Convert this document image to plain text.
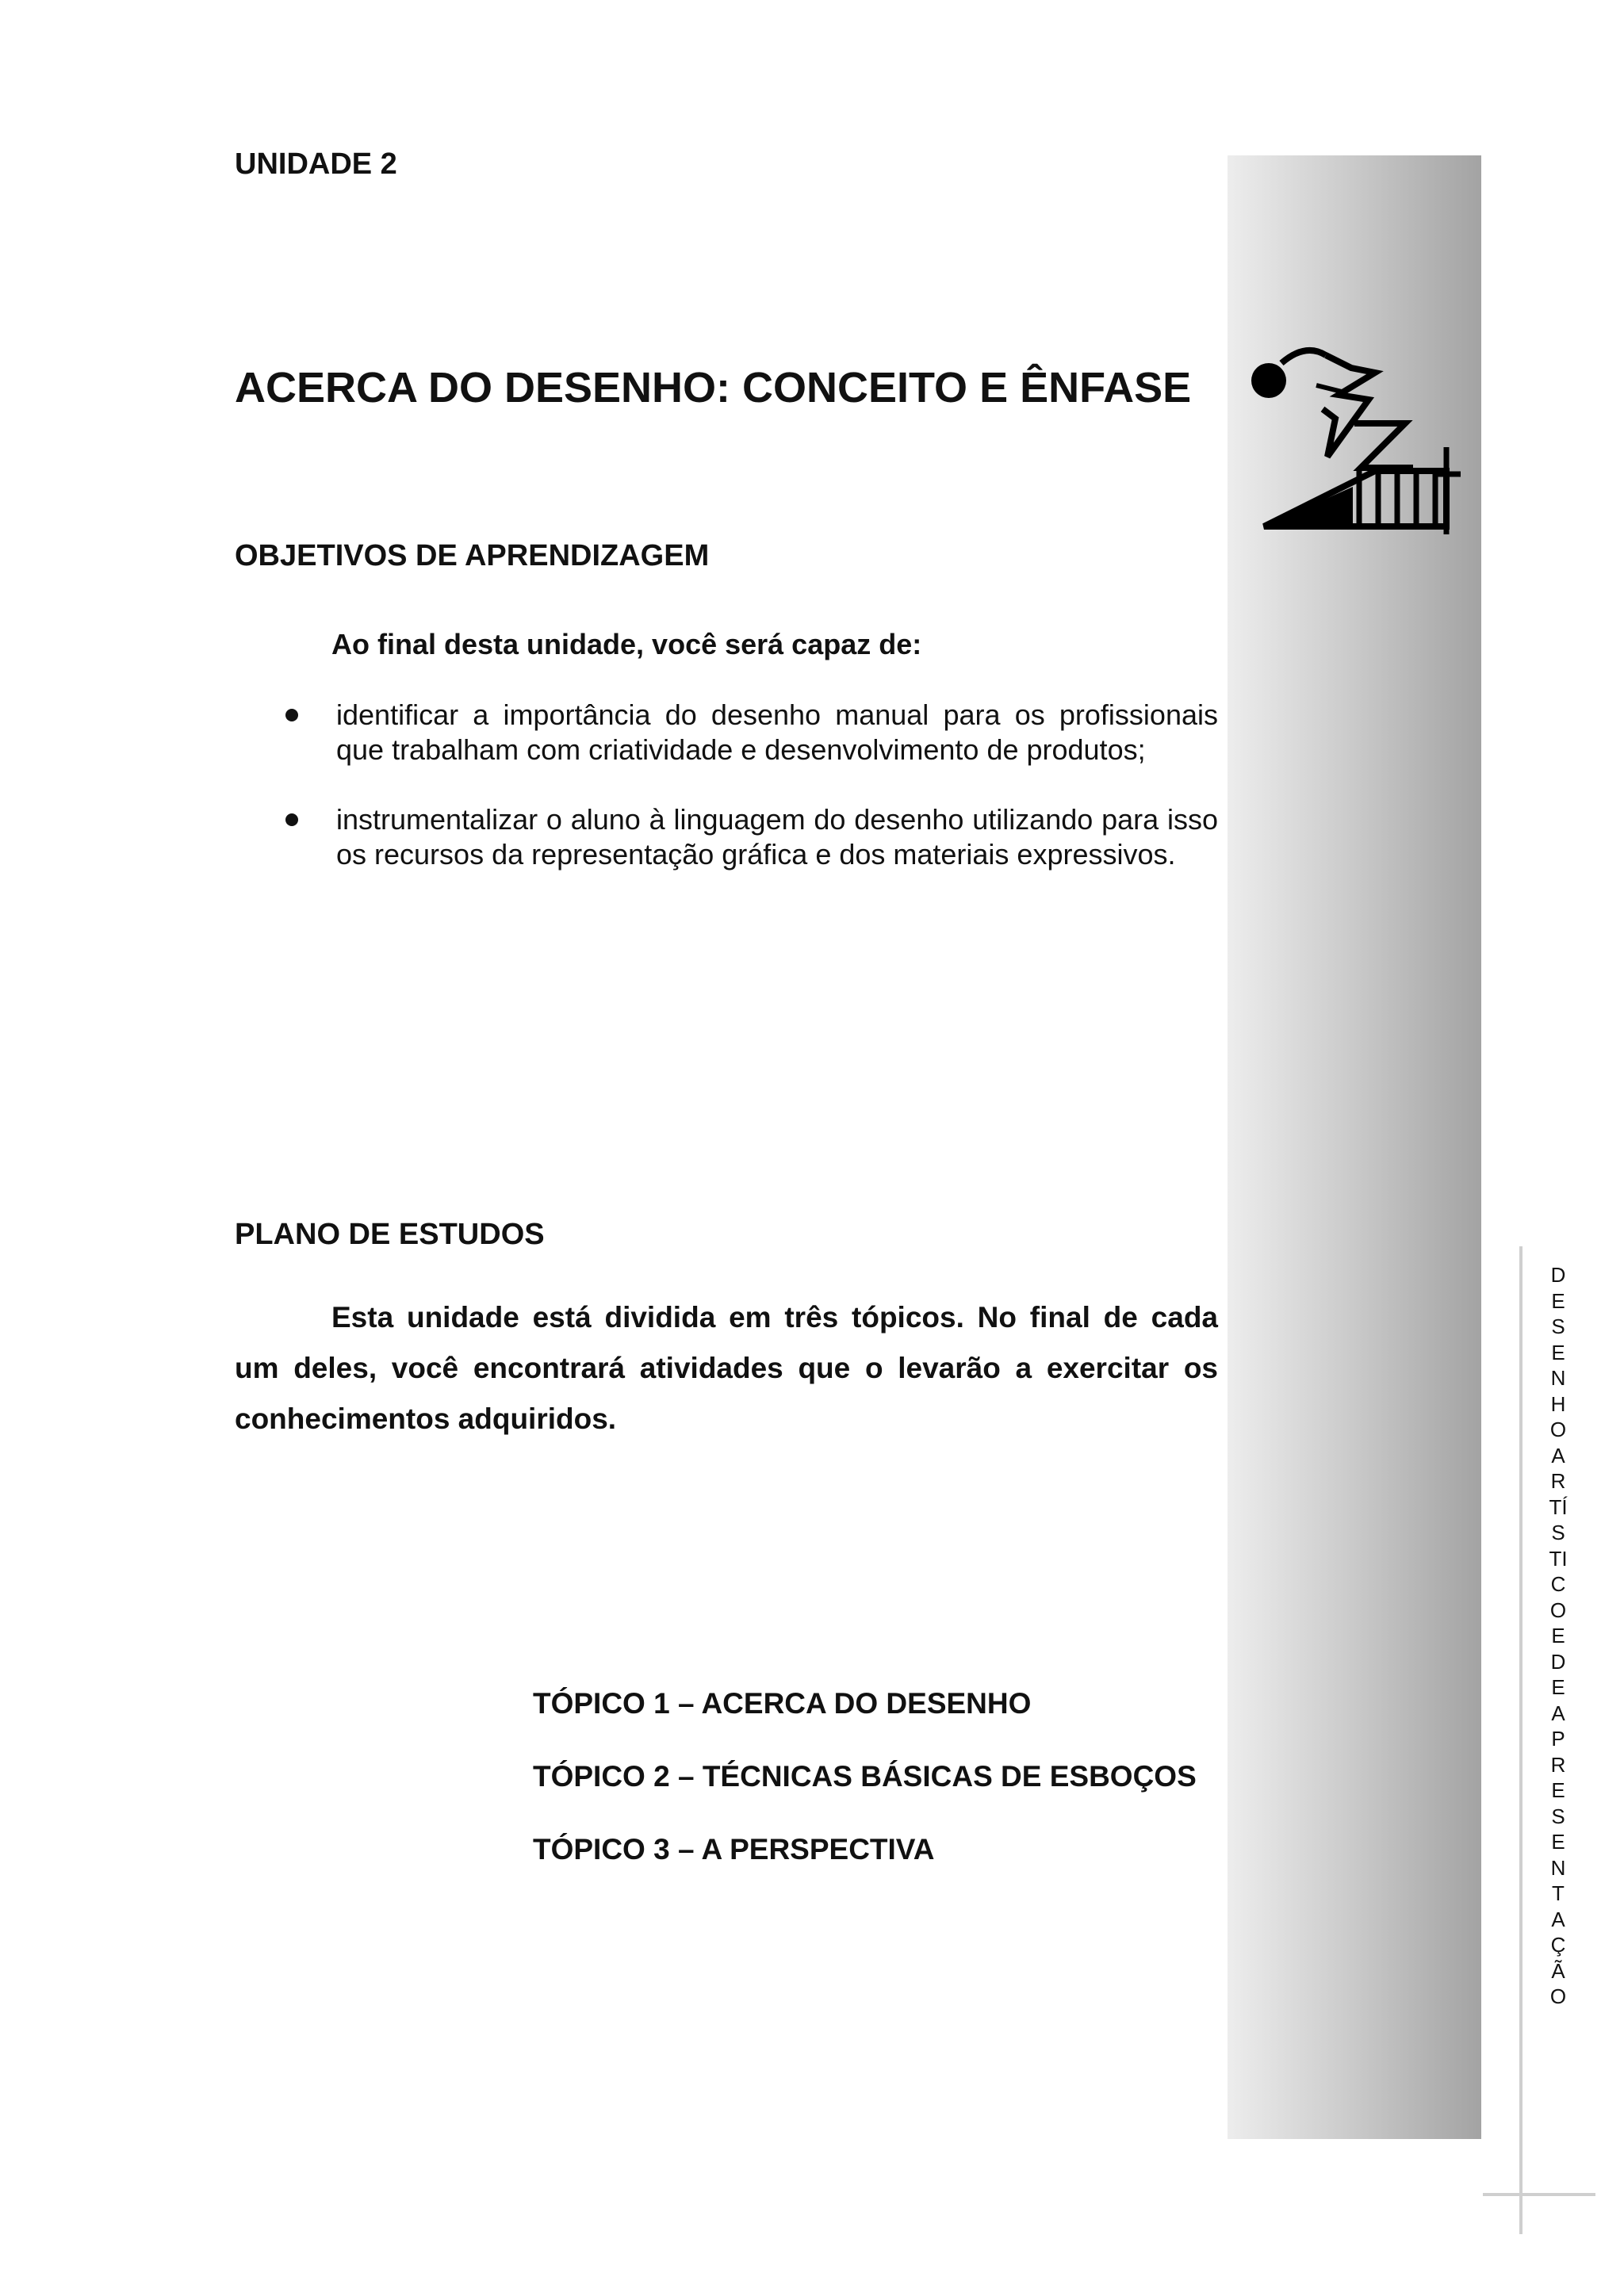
UNIDADE 2
ACERCA DO DESENHO: CONCEITO E ÊNFASE
OBJETIVOS DE APRENDIZAGEM
Ao final desta unidade, você será capaz de:
identificar a importância do desenho manual para os profissionais que trabalham com criatividade e desenvolvimento de produtos;
instrumentalizar o aluno à linguagem do desenho utilizando para isso os recursos da representação gráfica e dos materiais expressivos.
PLANO DE ESTUDOS

Esta unidade está dividida em três tópicos. No final de cada um deles, você encontrará atividades que o levarão a exercitar os conhecimentos adquiridos.

TÓPICO 1 – ACERCA DO DESENHO
TÓPICO 2 – TÉCNICAS BÁSICAS DE ESBOÇOS
TÓPICO 3 – A PERSPECTIVA

DESENHO ARTÍSTICO E DE APRESENTAÇÃO
